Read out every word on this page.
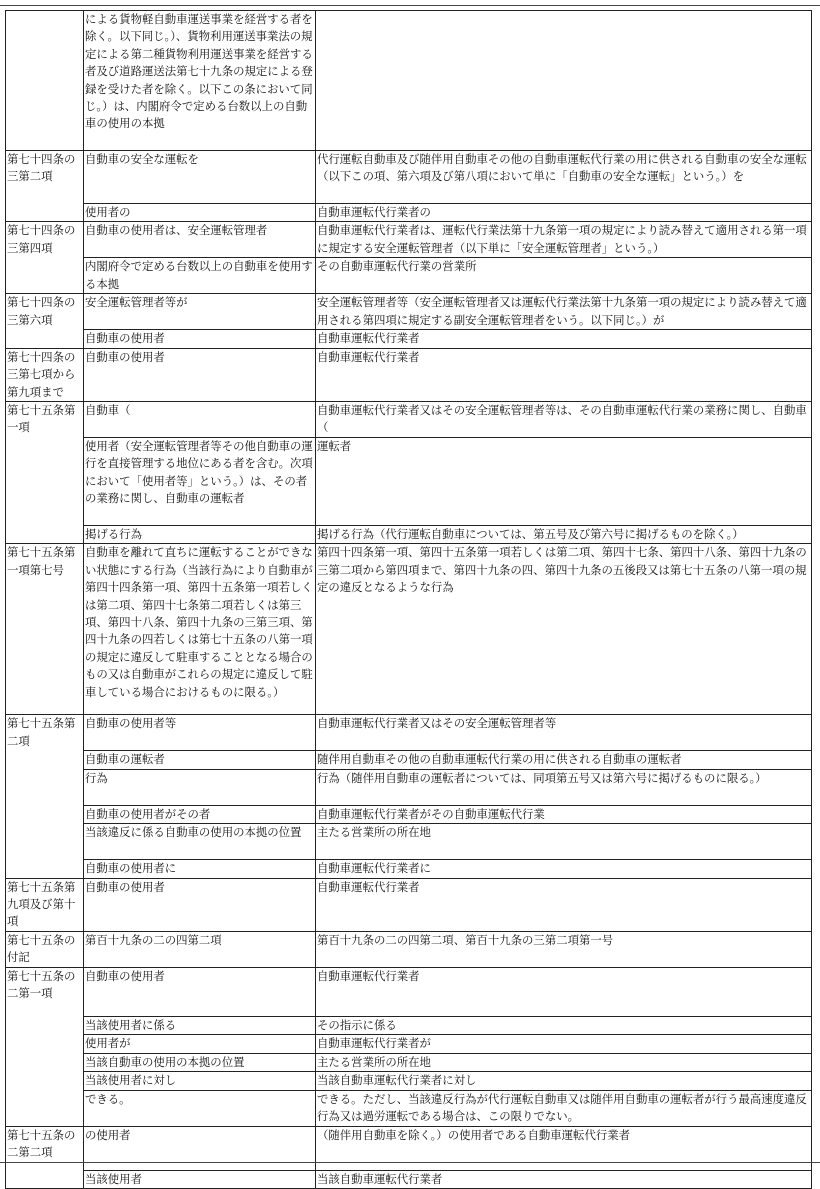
	による貨物軽自動車運送事業を経営する者を除く。以下同じ。）、貨物利用運送事業法の規定による第二種貨物利用運送事業を経営する者及び道路運送法第七十九条の規定による登録を受けた者を除く。以下この条において同じ。）は、内閣府令で定める台数以上の自動車の使用の本拠	
第七十四条の三第二項	自動車の安全な運転を	代行運転自動車及び随伴用自動車その他の自動車運転代行業の用に供される自動車の安全な運転（以下この項、第六項及び第八項において単に「自動車の安全な運転」という。）を
	使用者の	自動車運転代行業者の
第七十四条の三第四項	自動車の使用者は、安全運転管理者	自動車運転代行業者は、運転代行業法第十九条第一項の規定により読み替えて適用される第一項に規定する安全運転管理者（以下単に「安全運転管理者」という。）
	内閣府令で定める台数以上の自動車を使用する本拠	その自動車運転代行業の営業所
第七十四条の三第六項	安全運転管理者等が	安全運転管理者等（安全運転管理者又は運転代行業法第十九条第一項の規定により読み替えて適用される第四項に規定する副安全運転管理者をいう。以下同じ。）が
	自動車の使用者	自動車運転代行業者
第七十四条の三第七項から第九項まで	自動車の使用者	自動車運転代行業者
第七十五条第一項	自動車（	自動車運転代行業者又はその安全運転管理者等は、その自動車運転代行業の業務に関し、自動車（
	使用者（安全運転管理者等その他自動車の運行を直接管理する地位にある者を含む。次項において「使用者等」という。）は、その者の業務に関し、自動車の運転者	運転者
	掲げる行為	掲げる行為（代行運転自動車については、第五号及び第六号に掲げるものを除く。）
第七十五条第一項第七号	自動車を離れて直ちに運転することができない状態にする行為（当該行為により自動車が第四十四条第一項、第四十五条第一項若しくは第二項、第四十七条第二項若しくは第三項、第四十八条、第四十九条の三第三項、第四十九条の四若しくは第七十五条の八第一項の規定に違反して駐車することとなる場合のもの又は自動車がこれらの規定に違反して駐車している場合におけるものに限る。）	第四十四条第一項、第四十五条第一項若しくは第二項、第四十七条、第四十八条、第四十九条の三第二項から第四項まで、第四十九条の四、第四十九条の五後段又は第七十五条の八第一項の規定の違反となるような行為
第七十五条第二項	自動車の使用者等	自動車運転代行業者又はその安全運転管理者等
	自動車の運転者	随伴用自動車その他の自動車運転代行業の用に供される自動車の運転者
	行為	行為（随伴用自動車の運転者については、同項第五号又は第六号に掲げるものに限る。）
	自動車の使用者がその者	自動車運転代行業者がその自動車運転代行業
	当該違反に係る自動車の使用の本拠の位置	主たる営業所の所在地
	自動車の使用者に	自動車運転代行業者に
第七十五条第九項及び第十項	自動車の使用者	自動車運転代行業者
第七十五条の付記	第百十九条の二の四第二項	第百十九条の二の四第二項、第百十九条の三第二項第一号
第七十五条の二第一項	自動車の使用者	自動車運転代行業者
	当該使用者に係る	その指示に係る
	使用者が	自動車運転代行業者が
	当該自動車の使用の本拠の位置	主たる営業所の所在地
	当該使用者に対し	当該自動車運転代行業者に対し
	できる。	できる。ただし、当該違反行為が代行運転自動車又は随伴用自動車の運転者が行う最高速度違反行為又は過労運転である場合は、この限りでない。
第七十五条の二第二項	の使用者	（随伴用自動車を除く。）の使用者である自動車運転代行業者
	当該使用者	当該自動車運転代行業者
